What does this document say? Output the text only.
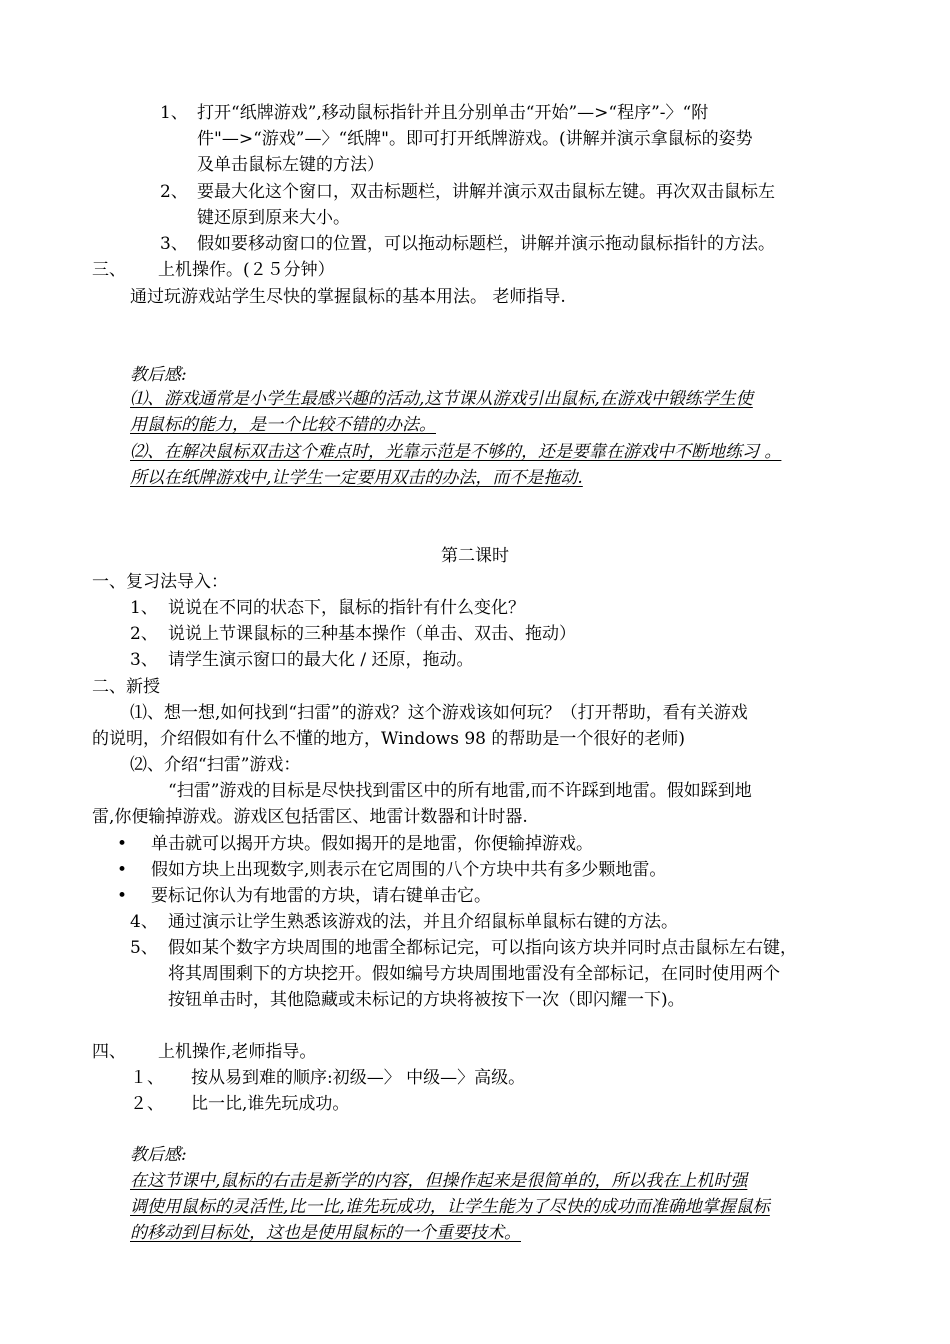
1、 打开“纸牌游戏”,移动鼠标指针并且分别单击“开始”—>“程序”-〉“附
件"—>“游戏”—〉“纸牌"。即可打开纸牌游戏。(讲解并演示拿鼠标的姿势
及单击鼠标左键的方法）
2、 要最大化这个窗口，双击标题栏，讲解并演示双击鼠标左键。再次双击鼠标左
键还原到原来大小。
3、 假如要移动窗口的位置，可以拖动标题栏，讲解并演示拖动鼠标指针的方法。
三、 上机操作。(２５分钟）
通过玩游戏站学生尽快的掌握鼠标的基本用法。 老师指导.
教后感:
⑴、游戏通常是小学生最感兴趣的活动,这节课从游戏引出鼠标,在游戏中锻练学生使
用鼠标的能力，是一个比较不错的办法。
⑵、在解决鼠标双击这个难点时，光靠示范是不够的，还是要靠在游戏中不断地练习 。
所以在纸牌游戏中,让学生一定要用双击的办法，而不是拖动.
第二课时
一、复习法导入：
1、 说说在不同的状态下，鼠标的指针有什么变化？
2、 说说上节课鼠标的三种基本操作（单击、双击、拖动）
3、 请学生演示窗口的最大化 / 还原，拖动。
二、新授
⑴、想一想,如何找到“扫雷”的游戏？这个游戏该如何玩？（打开帮助，看有关游戏
的说明，介绍假如有什么不懂的地方，Windows 98 的帮助是一个很好的老师)
⑵、介绍“扫雷”游戏：
“扫雷”游戏的目标是尽快找到雷区中的所有地雷,而不许踩到地雷。假如踩到地
雷,你便输掉游戏。游戏区包括雷区、地雷计数器和计时器.
• 单击就可以揭开方块。假如揭开的是地雷，你便输掉游戏。
• 假如方块上出现数字,则表示在它周围的八个方块中共有多少颗地雷。
• 要标记你认为有地雷的方块，请右键单击它。
4、 通过演示让学生熟悉该游戏的法，并且介绍鼠标单鼠标右键的方法。
5、 假如某个数字方块周围的地雷全都标记完，可以指向该方块并同时点击鼠标左右键，
将其周围剩下的方块挖开。假如编号方块周围地雷没有全部标记，在同时使用两个
按钮单击时，其他隐藏或未标记的方块将被按下一次（即闪耀一下)。
四、 上机操作,老师指导。
１、 按从易到难的顺序:初级—〉 中级—〉高级。
２、 比一比,谁先玩成功。
教后感:
在这节课中,鼠标的右击是新学的内容，但操作起来是很简单的，所以我在上机时强
调使用鼠标的灵活性,比一比,谁先玩成功，让学生能为了尽快的成功而准确地掌握鼠标
的移动到目标处，这也是使用鼠标的一个重要技术。
